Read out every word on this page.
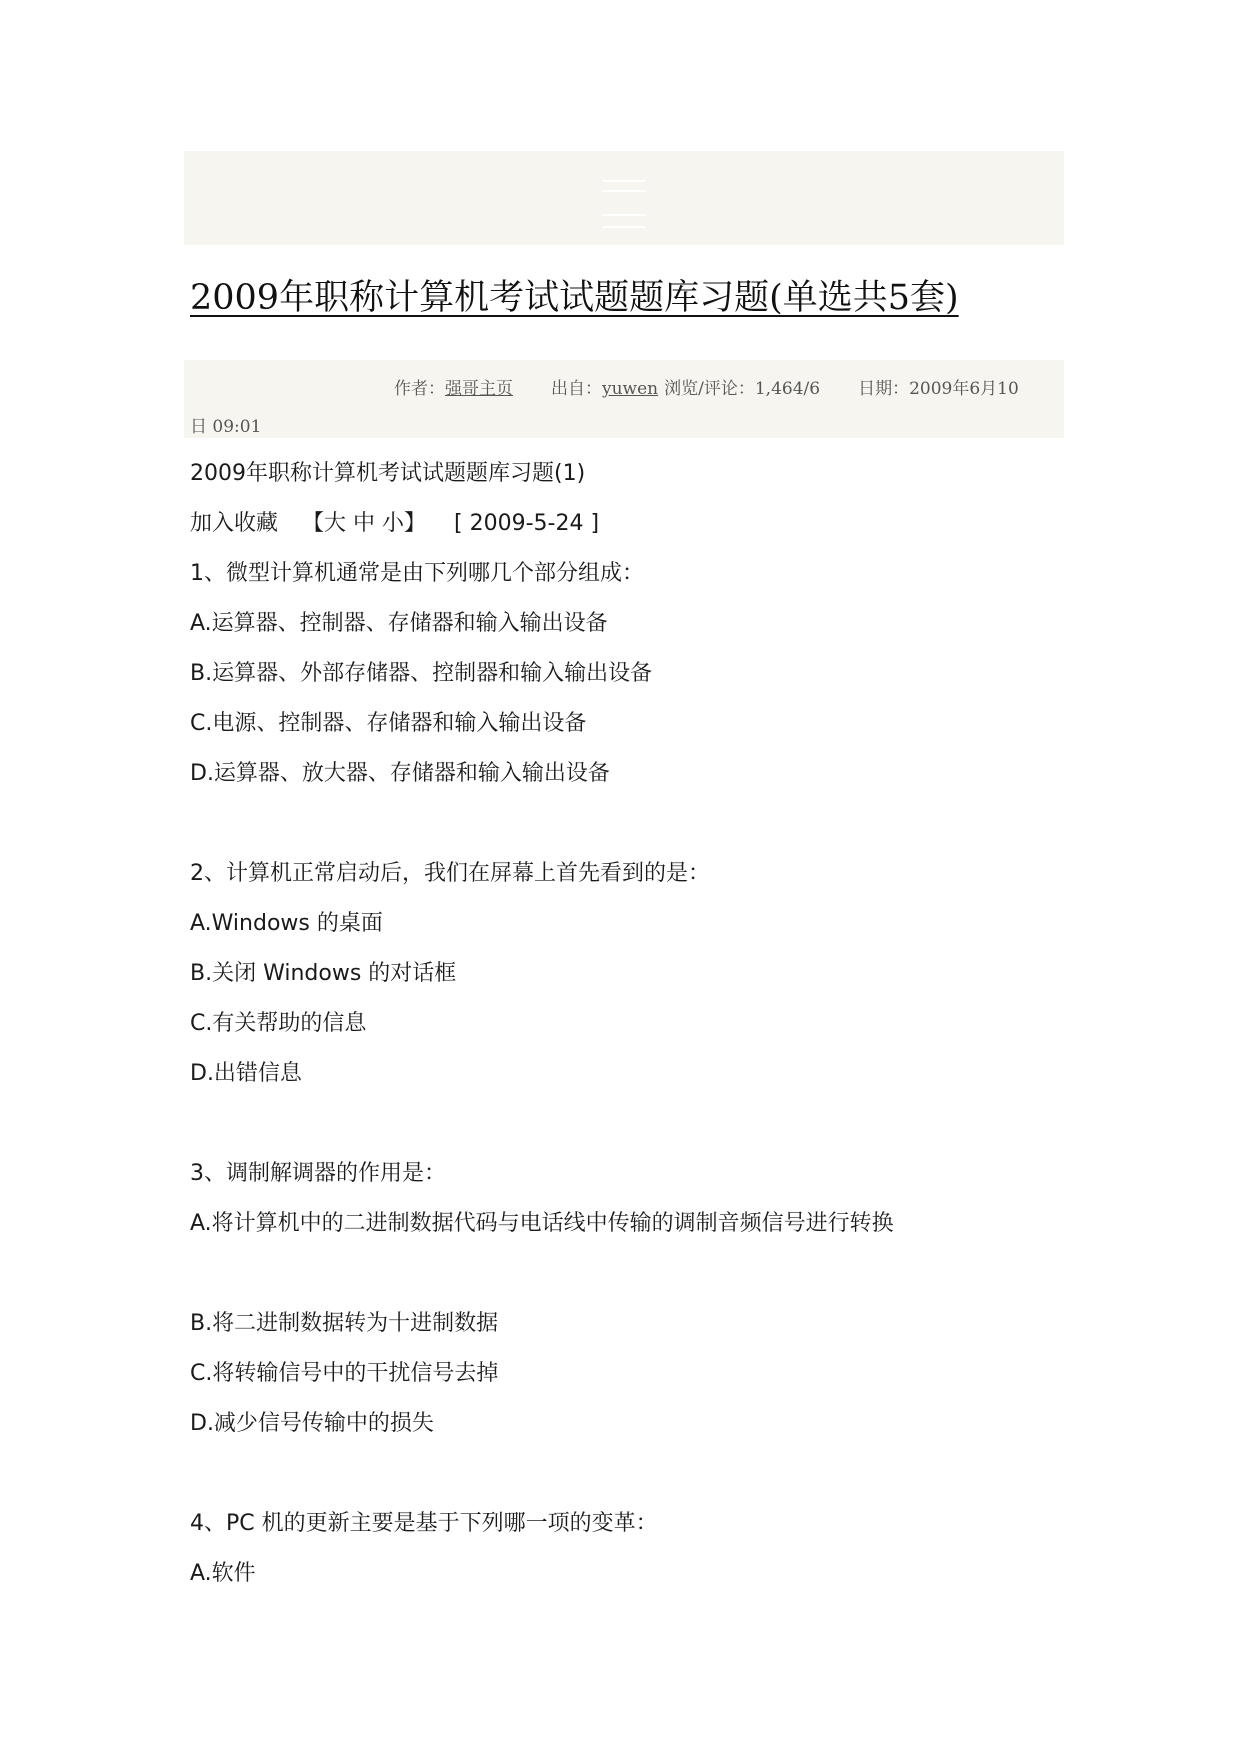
2009年职称计算机考试试题题库习题(单选共5套)
作者：强哥主页 出自：yuwen 浏览/评论：1,464/6 日期：2009年6月10
日 09:01

2009年职称计算机考试试题题库习题(1)

加入收藏 【大 中 小】 [ 2009-5-24 ]

1、微型计算机通常是由下列哪几个部分组成：

A.运算器、控制器、存储器和输入输出设备

B.运算器、外部存储器、控制器和输入输出设备

C.电源、控制器、存储器和输入输出设备

D.运算器、放大器、存储器和输入输出设备

2、计算机正常启动后，我们在屏幕上首先看到的是：

A.Windows 的桌面

B.关闭 Windows 的对话框

C.有关帮助的信息

D.出错信息

3、调制解调器的作用是：

A.将计算机中的二进制数据代码与电话线中传输的调制音频信号进行转换

B.将二进制数据转为十进制数据

C.将转输信号中的干扰信号去掉

D.减少信号传输中的损失

4、PC 机的更新主要是基于下列哪一项的变革：

A.软件
